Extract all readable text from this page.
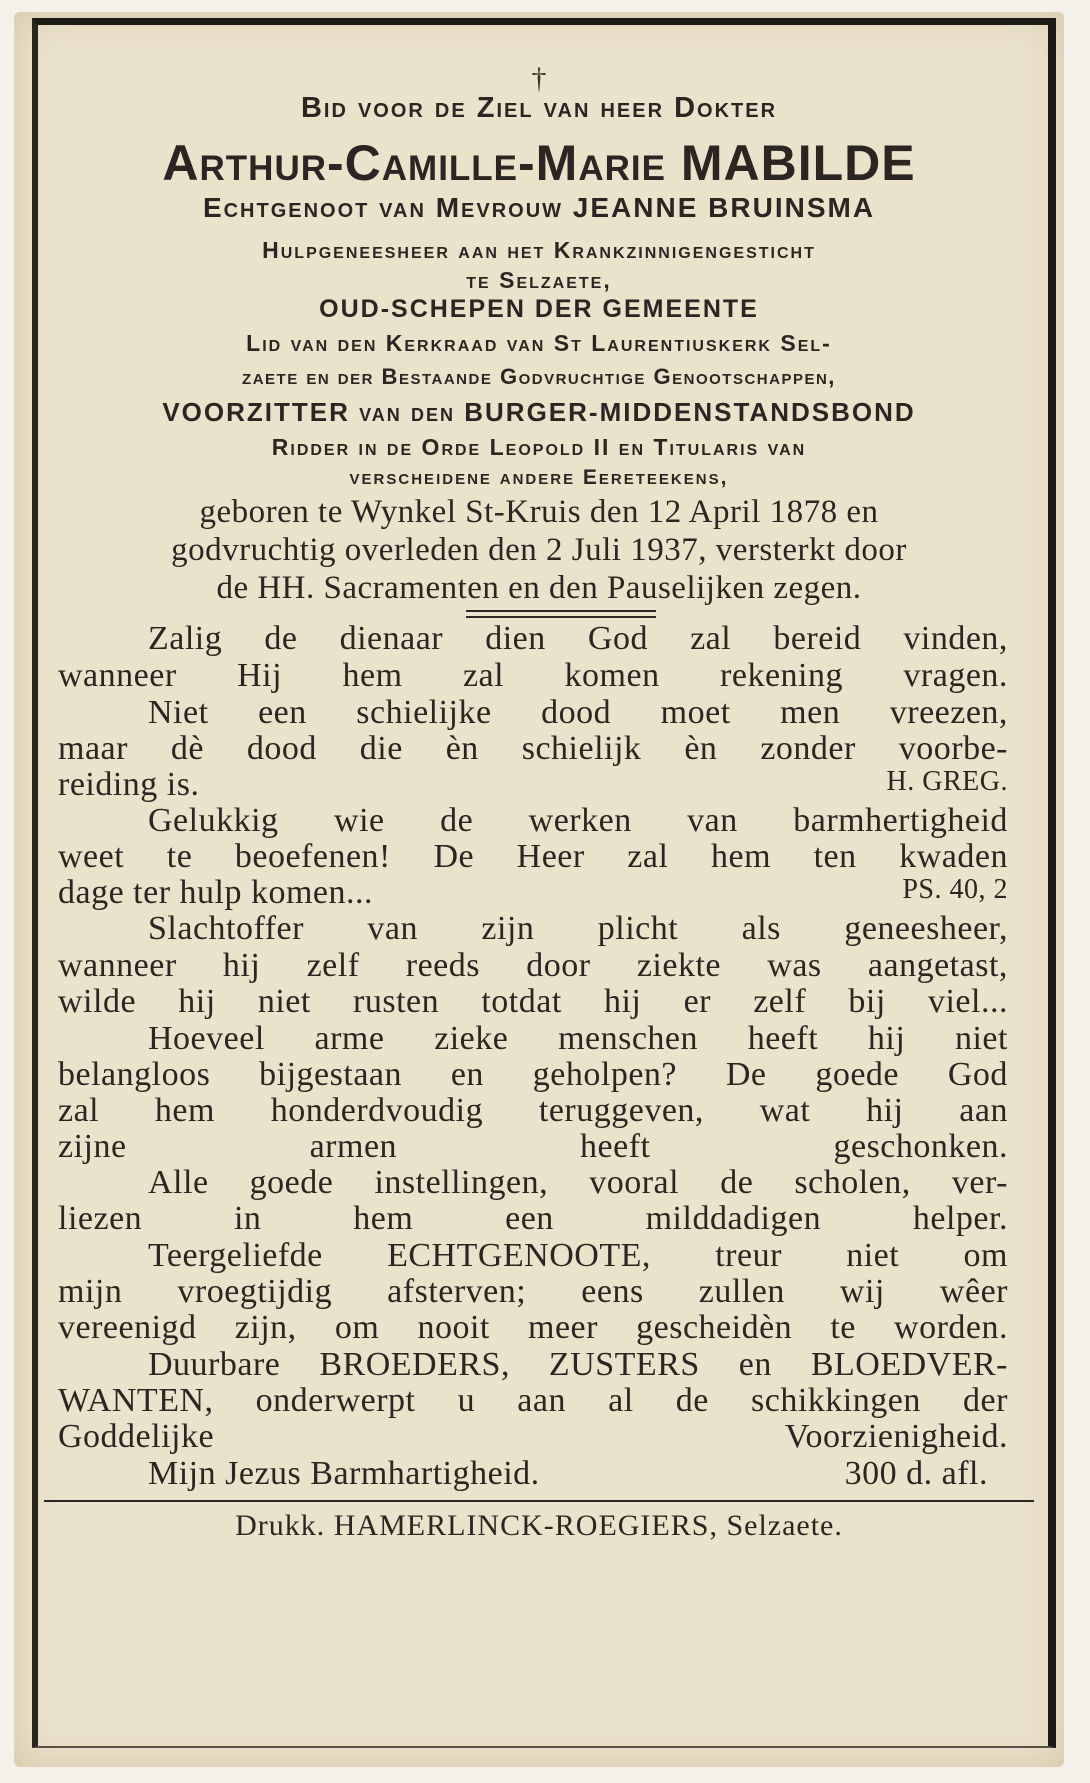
†

Bid voor de Ziel van heer Dokter

Arthur-Camille-Marie MABILDE

Echtgenoot van Mevrouw JEANNE BRUINSMA

Hulpgeneesheer aan het Krankzinnigengesticht

te Selzaete,

OUD-SCHEPEN DER GEMEENTE

Lid van den Kerkraad van St Laurentiuskerk Sel-

zaete en der Bestaande Godvruchtige Genootschappen,

VOORZITTER van den BURGER-MIDDENSTANDSBOND

Ridder in de Orde Leopold II en Titularis van

verscheidene andere Eereteekens,

geboren te Wynkel St-Kruis den 12 April 1878 en

godvruchtig overleden den 2 Juli 1937, versterkt door

de HH. Sacramenten en den Pauselijken zegen.

Zalig de dienaar dien God zal bereid vinden,

wanneer Hij hem zal komen rekening vragen.

Niet een schielijke dood moet men vreezen,

maar dè dood die èn schielijk èn zonder voorbe-

reiding is.	H. GREG.

Gelukkig wie de werken van barmhertigheid

weet te beoefenen! De Heer zal hem ten kwaden

dage ter hulp komen...	PS. 40, 2

Slachtoffer van zijn plicht als geneesheer,

wanneer hij zelf reeds door ziekte was aangetast,

wilde hij niet rusten totdat hij er zelf bij viel...

Hoeveel arme zieke menschen heeft hij niet

belangloos bijgestaan en geholpen? De goede God

zal hem honderdvoudig teruggeven, wat hij aan

zijne	armen	heeft	geschonken.

Alle goede instellingen, vooral de scholen, ver-

liezen	in	hem	een	milddadigen	helper.

Teergeliefde ECHTGENOOTE, treur niet om

mijn vroegtijdig afsterven; eens zullen wij wêer

vereenigd zijn, om nooit meer gescheidèn te worden.

Duurbare BROEDERS, ZUSTERS en BLOEDVER-

WANTEN, onderwerpt u aan al de schikkingen der

Goddelijke	Voorzienigheid.

Mijn Jezus Barmhartigheid.	300 d. afl.

Drukk. HAMERLINCK-ROEGIERS, Selzaete.
